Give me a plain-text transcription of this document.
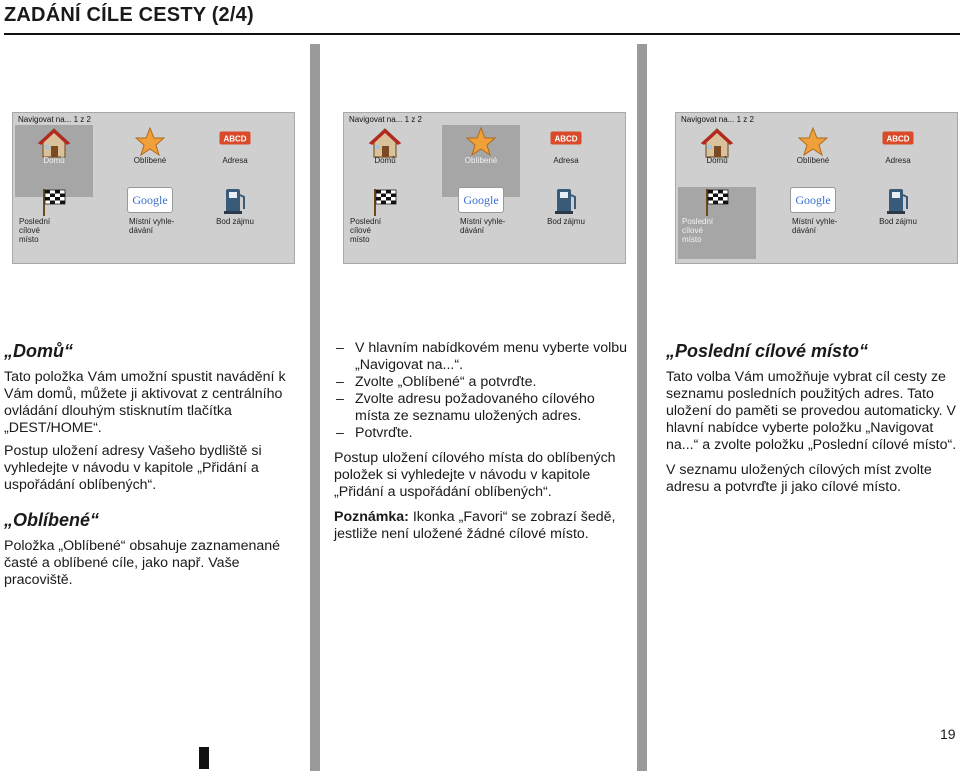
ZADÁNÍ CÍLE CESTY (2/4)
Navigovat na... 1 z 2
Domů	Oblíbené
ABCD
Adresa
Poslední cílové místo
Google
Místní vyhle- dávání
Bod zájmu
Navigovat na... 1 z 2
Domů	Oblíbené
ABCD
Adresa
Poslední cílové místo
Google
Místní vyhle- dávání
Bod zájmu
Navigovat na... 1 z 2
Domů	Oblíbené
ABCD
Adresa
Poslední cílové místo
Google
Místní vyhle- dávání
Bod zájmu
„Domů“

Tato položka Vám umožní spustit navádění k Vám domů, můžete ji aktivovat z centrálního ovládání dlouhým stisknutím tlačítka „DEST/HOME“.

Postup uložení adresy Vašeho bydliště si vyhledejte v návodu v kapitole „Přidání a uspořádání oblíbených“.

„Oblíbené“

Položka „Oblíbené“ obsahuje zaznamenané časté a oblíbené cíle, jako např. Vaše pracoviště.

– V hlavním nabídkovém menu vyberte volbu „Navigovat na...“.
– Zvolte „Oblíbené“ a potvrďte.
– Zvolte adresu požadovaného cílového místa ze seznamu uložených adres.
– Potvrďte.

Postup uložení cílového místa do oblíbených položek si vyhledejte v návodu v kapitole „Přidání a uspořádání oblíbených“.

Poznámka: Ikonka „Favori“ se zobrazí šedě, jestliže není uložené žádné cílové místo.

„Poslední cílové místo“

Tato volba Vám umožňuje vybrat cíl cesty ze seznamu posledních použitých adres. Tato uložení do paměti se provedou automaticky. V hlavní nabídce vyberte položku „Navigovat na...“ a zvolte položku „Poslední cílové místo“.

V seznamu uložených cílových míst zvolte adresu a potvrďte ji jako cílové místo.

19
